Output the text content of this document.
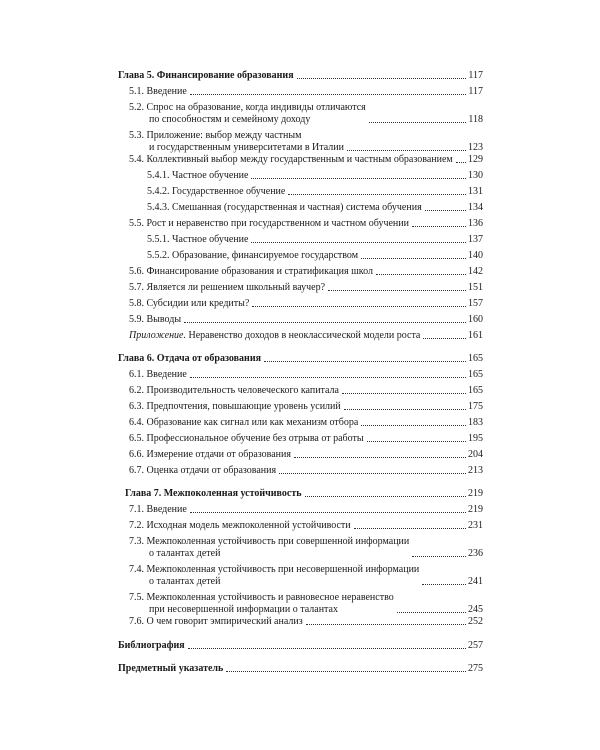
Глава 5. Финансирование образования	117
5.1. Введение	117
5.2. Спрос на образование, когда индивиды отличаются
по способностям и семейному доходу	118
5.3. Приложение: выбор между частным
и государственным университетами в Италии	123
5.4. Коллективный выбор между государственным и частным образованием 129
5.4.1. Частное обучение	130
5.4.2. Государственное обучение	131
5.4.3. Смешанная (государственная и частная) система обучения	134
5.5. Рост и неравенство при государственном и частном обучении	136
5.5.1. Частное обучение	137
5.5.2. Образование, финансируемое государством	140
5.6. Финансирование образования и стратификация школ	142
5.7. Является ли решением школьный ваучер?	151
5.8. Субсидии или кредиты?	157
5.9. Выводы	160
Приложение. Неравенство доходов в неоклассической модели роста	161
Глава 6. Отдача от образования	165
6.1. Введение	165
6.2. Производительность человеческого капитала	165
6.3. Предпочтения, повышающие уровень усилий	175
6.4. Образование как сигнал или как механизм отбора	183
6.5. Профессиональное обучение без отрыва от работы	195
6.6. Измерение отдачи от образования	204
6.7. Оценка отдачи от образования	213
Глава 7. Межпоколенная устойчивость	219
7.1. Введение	219
7.2. Исходная модель межпоколенной устойчивости	231
7.3. Межпоколенная устойчивость при совершенной информации
о талантах детей	236
7.4. Межпоколенная устойчивость при несовершенной информации
о талантах детей	241
7.5. Межпоколенная устойчивость и равновесное неравенство
при несовершенной информации о талантах	245
7.6. О чем говорит эмпирический анализ	252
Библиография	257
Предметный указатель	275
